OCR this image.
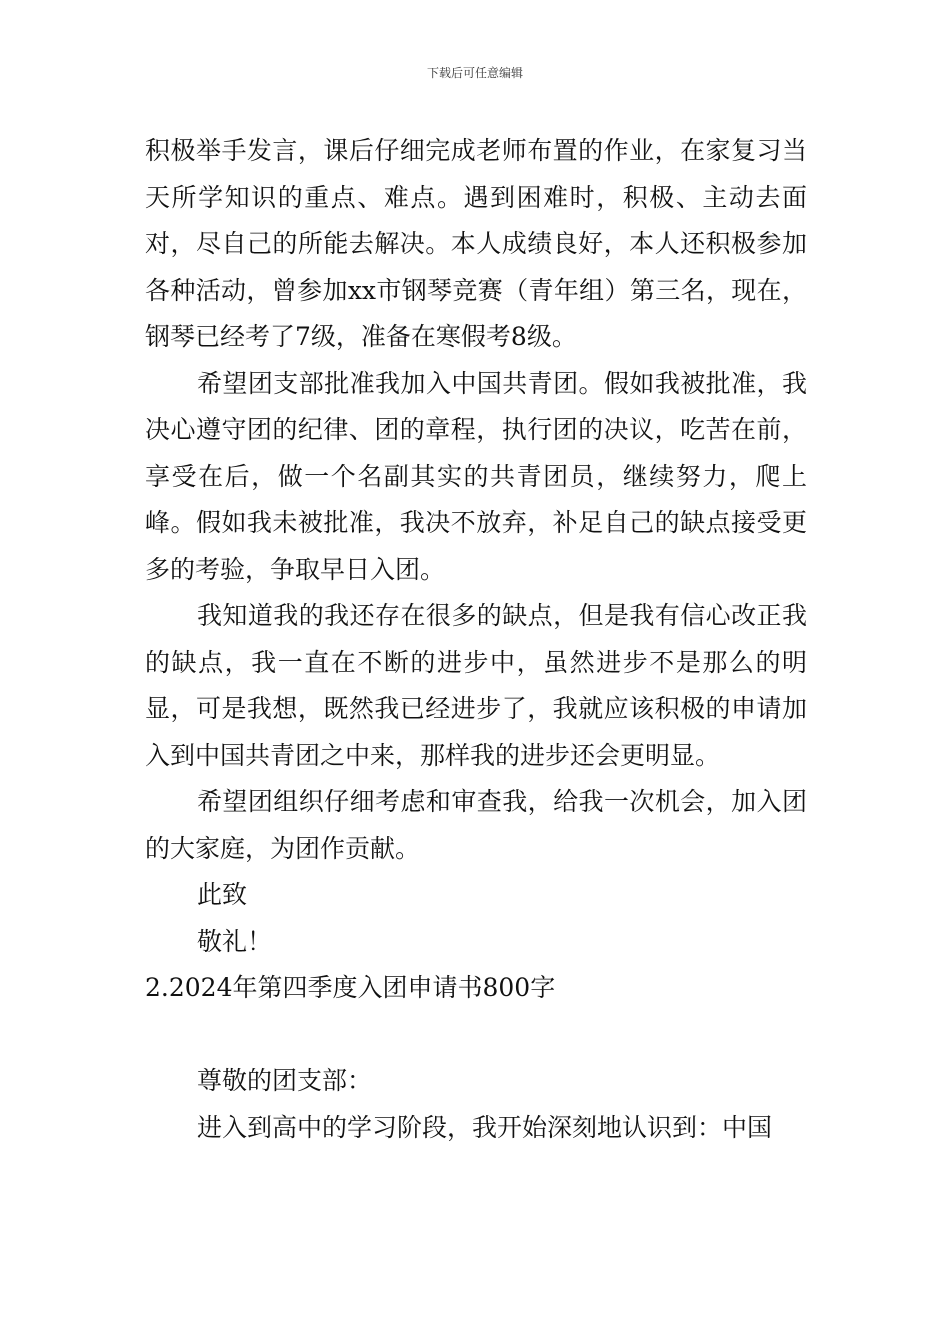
下载后可任意编辑

积极举手发言，课后仔细完成老师布置的作业，在家复习当天所学知识的重点、难点。遇到困难时，积极、主动去面对，尽自己的所能去解决。本人成绩良好，本人还积极参加各种活动，曾参加xx市钢琴竞赛（青年组）第三名，现在，钢琴已经考了7级，准备在寒假考8级。

希望团支部批准我加入中国共青团。假如我被批准，我决心遵守团的纪律、团的章程，执行团的决议，吃苦在前，享受在后，做一个名副其实的共青团员，继续努力，爬上峰。假如我未被批准，我决不放弃，补足自己的缺点接受更多的考验，争取早日入团。

我知道我的我还存在很多的缺点，但是我有信心改正我的缺点，我一直在不断的进步中，虽然进步不是那么的明显，可是我想，既然我已经进步了，我就应该积极的申请加入到中国共青团之中来，那样我的进步还会更明显。

希望团组织仔细考虑和审查我，给我一次机会，加入团的大家庭，为团作贡献。

此致

敬礼！

2.2024年第四季度入团申请书800字

尊敬的团支部：

进入到高中的学习阶段，我开始深刻地认识到：中国
